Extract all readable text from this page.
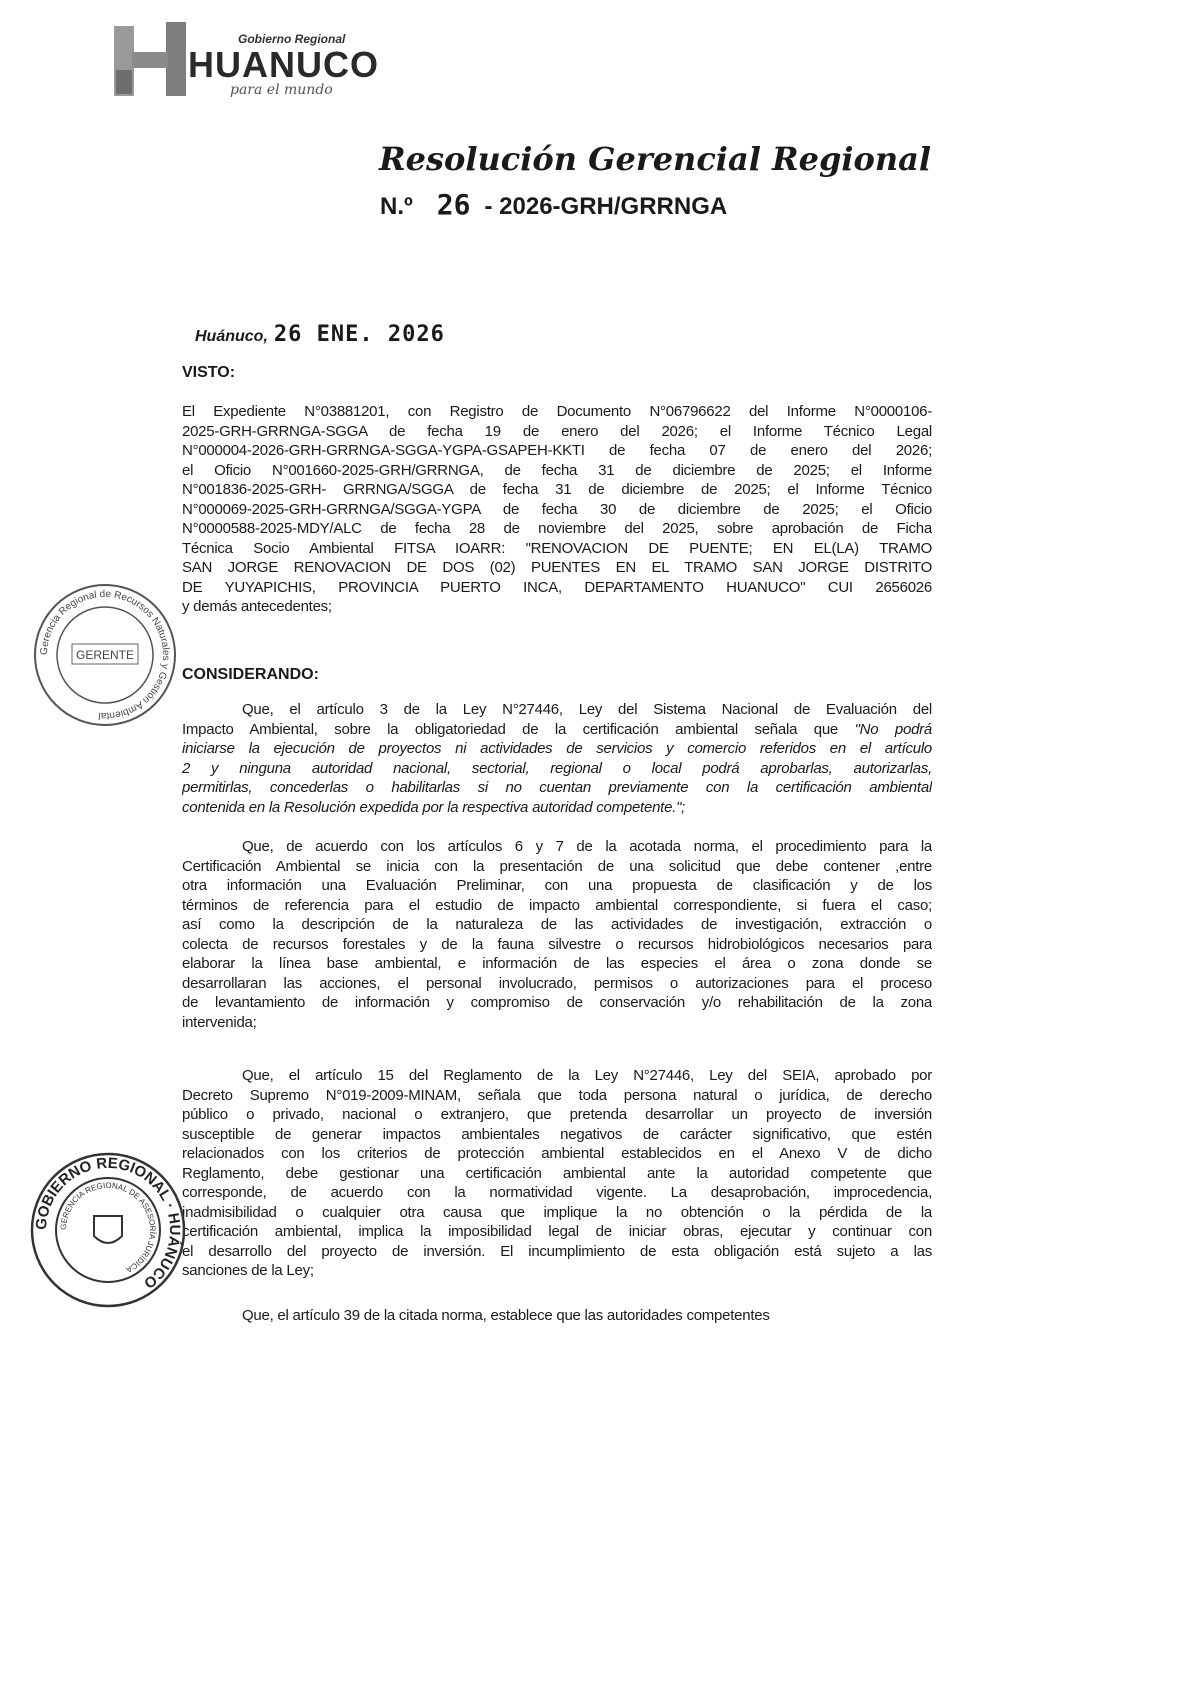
Gobierno Regional
HUANUCO
para el mundo
Resolución Gerencial Regional
N.º 26 - 2026-GRH/GRRNGA
Huánuco, 26 ENE. 2026
VISTO:
El Expediente N°03881201, con Registro de Documento N°06796622 del Informe N°0000106-
2025-GRH-GRRNGA-SGGA de fecha 19 de enero del 2026; el Informe Técnico Legal
N°000004-2026-GRH-GRRNGA-SGGA-YGPA-GSAPEH-KKTI de fecha 07 de enero del 2026;
el Oficio N°001660-2025-GRH/GRRNGA, de fecha 31 de diciembre de 2025; el Informe
N°001836-2025-GRH- GRRNGA/SGGA de fecha 31 de diciembre de 2025; el Informe Técnico
N°000069-2025-GRH-GRRNGA/SGGA-YGPA de fecha 30 de diciembre de 2025; el Oficio
N°0000588-2025-MDY/ALC de fecha 28 de noviembre del 2025, sobre aprobación de Ficha
Técnica Socio Ambiental FITSA IOARR: "RENOVACION DE PUENTE; EN EL(LA) TRAMO
SAN JORGE RENOVACION DE DOS (02) PUENTES EN EL TRAMO SAN JORGE DISTRITO
DE YUYAPICHIS, PROVINCIA PUERTO INCA, DEPARTAMENTO HUANUCO" CUI 2656026
y demás antecedentes;
CONSIDERANDO:
Que, el artículo 3 de la Ley N°27446, Ley del Sistema Nacional de Evaluación del
Impacto Ambiental, sobre la obligatoriedad de la certificación ambiental señala que "No podrá
iniciarse la ejecución de proyectos ni actividades de servicios y comercio referidos en el artículo
2 y ninguna autoridad nacional, sectorial, regional o local podrá aprobarlas, autorizarlas,
permitirlas, concederlas o habilitarlas si no cuentan previamente con la certificación ambiental
contenida en la Resolución expedida por la respectiva autoridad competente.";
Que, de acuerdo con los artículos 6 y 7 de la acotada norma, el procedimiento para la
Certificación Ambiental se inicia con la presentación de una solicitud que debe contener ,entre
otra información una Evaluación Preliminar, con una propuesta de clasificación y de los
términos de referencia para el estudio de impacto ambiental correspondiente, si fuera el caso;
así como la descripción de la naturaleza de las actividades de investigación, extracción o
colecta de recursos forestales y de la fauna silvestre o recursos hidrobiológicos necesarios para
elaborar la línea base ambiental, e información de las especies el área o zona donde se
desarrollaran las acciones, el personal involucrado, permisos o autorizaciones para el proceso
de levantamiento de información y compromiso de conservación y/o rehabilitación de la zona
intervenida;
Que, el artículo 15 del Reglamento de la Ley N°27446, Ley del SEIA, aprobado por
Decreto Supremo N°019-2009-MINAM, señala que toda persona natural o jurídica, de derecho
público o privado, nacional o extranjero, que pretenda desarrollar un proyecto de inversión
susceptible de generar impactos ambientales negativos de carácter significativo, que estén
relacionados con los criterios de protección ambiental establecidos en el Anexo V de dicho
Reglamento, debe gestionar una certificación ambiental ante la autoridad competente que
corresponde, de acuerdo con la normatividad vigente. La desaprobación, improcedencia,
inadmisibilidad o cualquier otra causa que implique la no obtención o la pérdida de la
certificación ambiental, implica la imposibilidad legal de iniciar obras, ejecutar y continuar con
el desarrollo del proyecto de inversión. El incumplimiento de esta obligación está sujeto a las
sanciones de la Ley;
Que, el artículo 39 de la citada norma, establece que las autoridades competentes
Gerencia Regional de Recursos Naturales y Gestión Ambiental
GERENTE
GOBIERNO REGIONAL · HUÁNUCO
GERENCIA REGIONAL DE ASESORÍA JURÍDICA
